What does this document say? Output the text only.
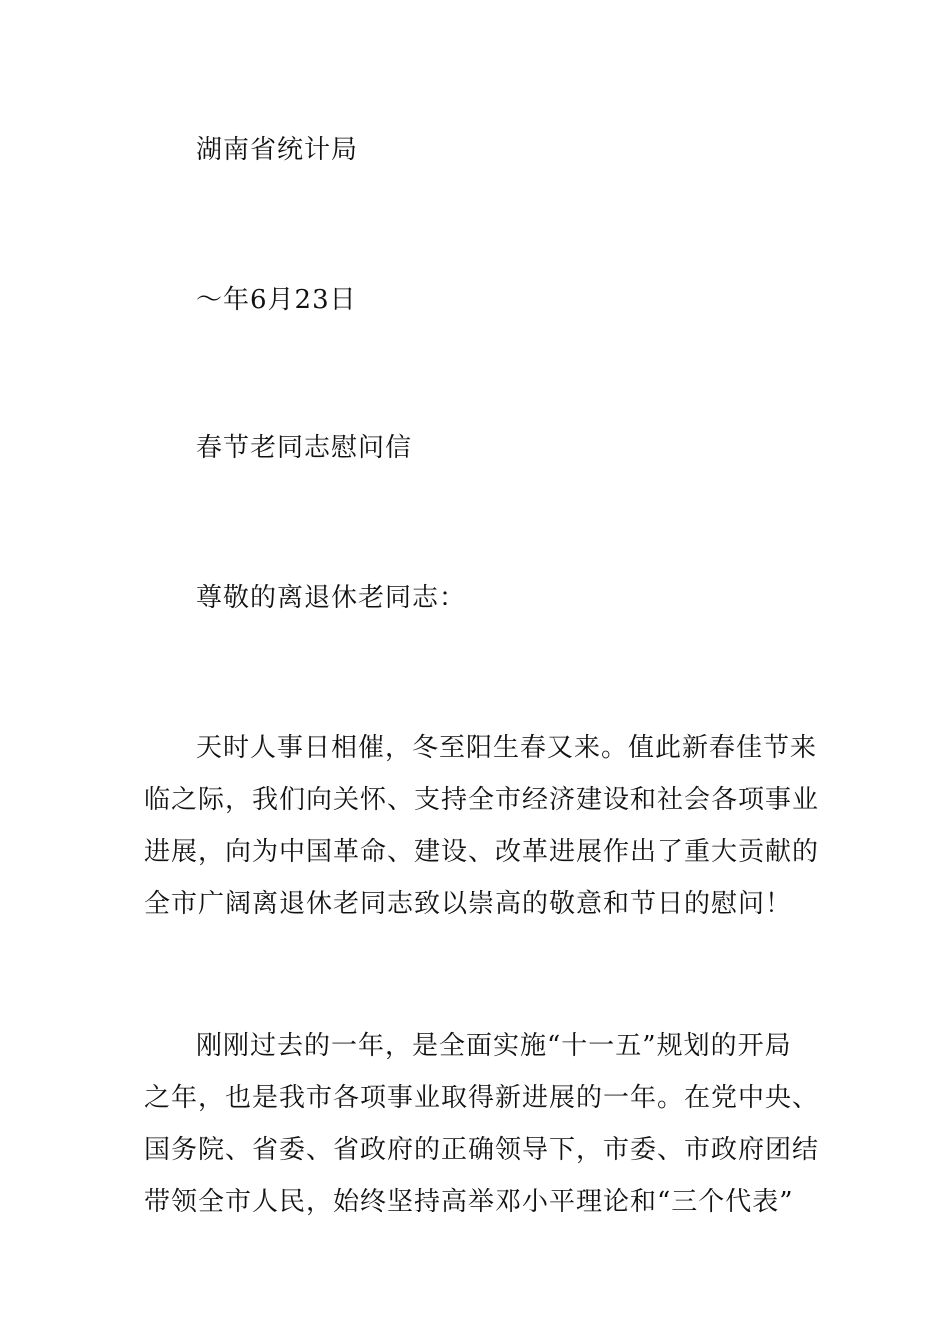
湖南省统计局
～年6月23日
春节老同志慰问信
尊敬的离退休老同志：
天时人事日相催，冬至阳生春又来。值此新春佳节来
临之际，我们向关怀、支持全市经济建设和社会各项事业
进展，向为中国革命、建设、改革进展作出了重大贡献的
全市广阔离退休老同志致以崇高的敬意和节日的慰问！
刚刚过去的一年，是全面实施“十一五”规划的开局
之年，也是我市各项事业取得新进展的一年。在党中央、
国务院、省委、省政府的正确领导下，市委、市政府团结
带领全市人民，始终坚持高举邓小平理论和“三个代表”
